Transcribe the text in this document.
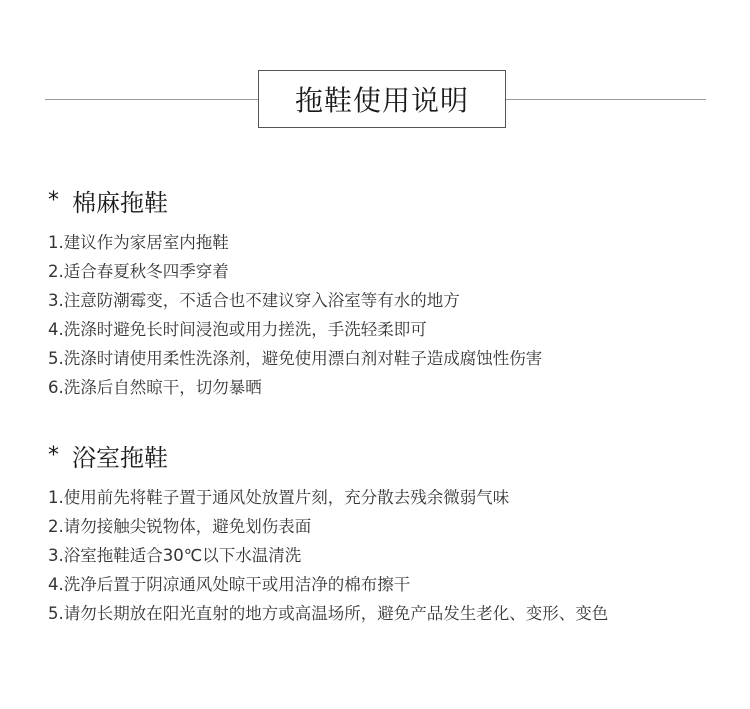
拖鞋使用说明
* 棉麻拖鞋
1.建议作为家居室内拖鞋
2.适合春夏秋冬四季穿着
3.注意防潮霉变，不适合也不建议穿入浴室等有水的地方
4.洗涤时避免长时间浸泡或用力搓洗，手洗轻柔即可
5.洗涤时请使用柔性洗涤剂，避免使用漂白剂对鞋子造成腐蚀性伤害
6.洗涤后自然晾干，切勿暴晒
* 浴室拖鞋
1.使用前先将鞋子置于通风处放置片刻，充分散去残余微弱气味
2.请勿接触尖锐物体，避免划伤表面
3.浴室拖鞋适合30℃以下水温清洗
4.洗净后置于阴凉通风处晾干或用洁净的棉布擦干
5.请勿长期放在阳光直射的地方或高温场所，避免产品发生老化、变形、变色
